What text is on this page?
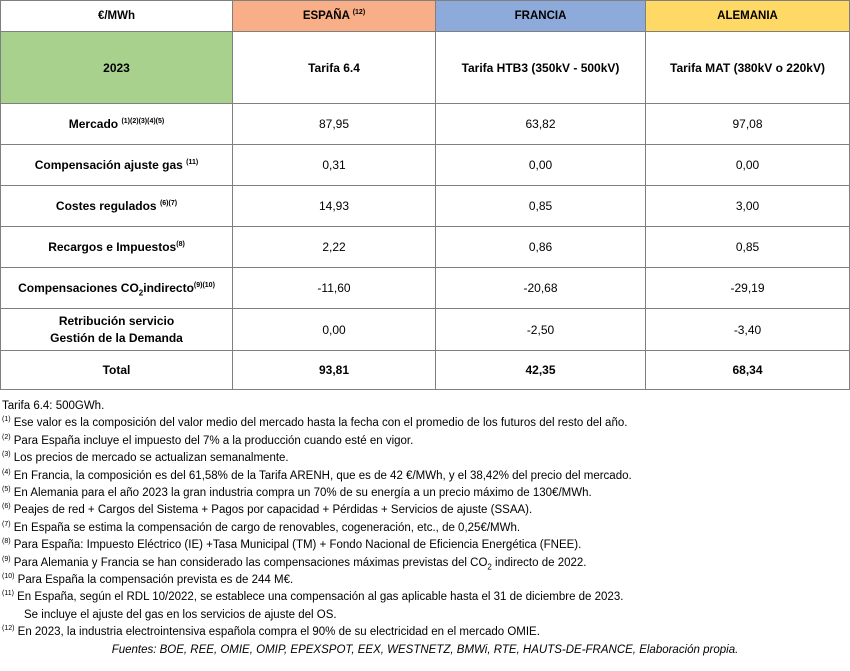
€/MWh	ESPAÑA $^{(12)}$	FRANCIA	ALEMANIA
2023	Tarifa 6.4	Tarifa HTB3 (350kV - 500kV)	Tarifa MAT (380kV o 220kV)
Mercado $^{(1)(2)(3)(4)(5)}$	87,95	63,82	97,08
Compensación ajuste gas $^{(11)}$	0,31	0,00	0,00
Costes regulados $^{(6)(7)}$	14,93	0,85	3,00
Recargos e Impuestos$^{(8)}$	2,22	0,86	0,85
Compensaciones $CO_2indirecto^{(9)(10)}$	-11,60	-20,68	-29,19

Retribución servicio
Gestión de la Demanda	0,00	-2,50	-3,40
Total	93,81	42,35	68,34
Tarifa 6.4: 500GWh.
$^{(1)}$ Ese valor es la composición del valor medio del mercado hasta la fecha con el promedio de los futuros del resto del año.
$^{(2)}$ Para España incluye el impuesto del 7% a la producción cuando esté en vigor.
$^{(3)}$ Los precios de mercado se actualizan semanalmente.
$^{(4)}$ En Francia, la composición es del 61,58% de la Tarifa ARENH, que es de 42 €/MWh, y el 38,42% del precio del mercado.
$^{(5)}$ En Alemania para el año 2023 la gran industria compra un 70% de su energía a un precio máximo de 130€/MWh.
$^{(6)}$ Peajes de red + Cargos del Sistema + Pagos por capacidad + Pérdidas + Servicios de ajuste (SSAA).
$^{(7)}$ En España se estima la compensación de cargo de renovables, cogeneración, etc., de 0,25€/MWh.
$^{(8)}$ Para España: Impuesto Eléctrico (IE) +Tasa Municipal (TM) + Fondo Nacional de Eficiencia Energética (FNEE).
$^{(9)}$ Para Alemania y Francia se han considerado las compensaciones máximas previstas del $CO_2$ indirecto de 2022.
$^{(10)}$ Para España la compensación prevista es de 244 M€.
$^{(11)}$ En España, según el RDL 10/2022, se establece una compensación al gas aplicable hasta el 31 de diciembre de 2023.
Se incluye el ajuste del gas en los servicios de ajuste del OS.
$^{(12)}$ En 2023, la industria electrointensiva española compra el 90% de su electricidad en el mercado OMIE.
Fuentes: BOE, REE, OMIE, OMIP, EPEXSPOT, EEX, WESTNETZ, BMWi, RTE, HAUTS-DE-FRANCE, Elaboración propia.
